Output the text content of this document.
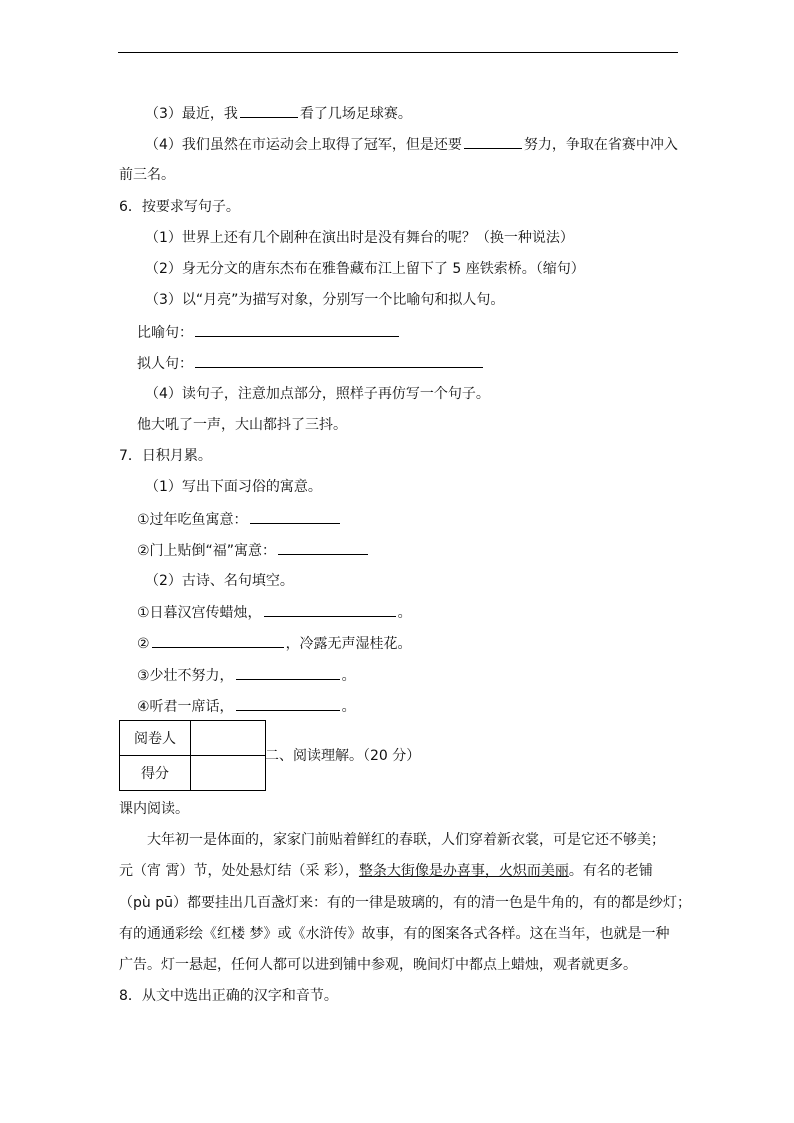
（3）最近，我	看了几场足球赛。
（4）我们虽然在市运动会上取得了冠军，但是还要	努力，争取在省赛中冲入
前三名。
6．按要求写句子。
（1）世界上还有几个剧种在演出时是没有舞台的呢？（换一种说法）
（2）身无分文的唐东杰布在雅鲁藏布江上留下了 5 座铁索桥。（缩句）
（3）以“月亮”为描写对象，分别写一个比喻句和拟人句。
比喻句：
拟人句：
（4）读句子，注意加点部分，照样子再仿写一个句子。
他大吼了一声，大山都抖了三抖。
7．日积月累。
（1）写出下面习俗的寓意。
①过年吃鱼寓意：
②门上贴倒“福”寓意：
（2）古诗、名句填空。
①日暮汉宫传蜡烛，	。
②	，冷露无声湿桂花。
③少壮不努力，	。
④听君一席话，	。
阅卷人	
得分	
二、阅读理解。（20 分）
课内阅读。
大年初一是体面的，家家门前贴着鲜红的春联，人们穿着新衣裳，可是它还不够美；
元（宵 霄）节，处处悬灯结（采 彩），整条大街像是办喜事，火炽而美丽。有名的老铺
（pù pū）都要挂出几百盏灯来：有的一律是玻璃的，有的清一色是牛角的，有的都是纱灯；
有的通通彩绘《红楼 梦》或《水浒传》故事，有的图案各式各样。这在当年，也就是一种
广告。灯一悬起，任何人都可以进到铺中参观，晚间灯中都点上蜡烛，观者就更多。
8．从文中选出正确的汉字和音节。
